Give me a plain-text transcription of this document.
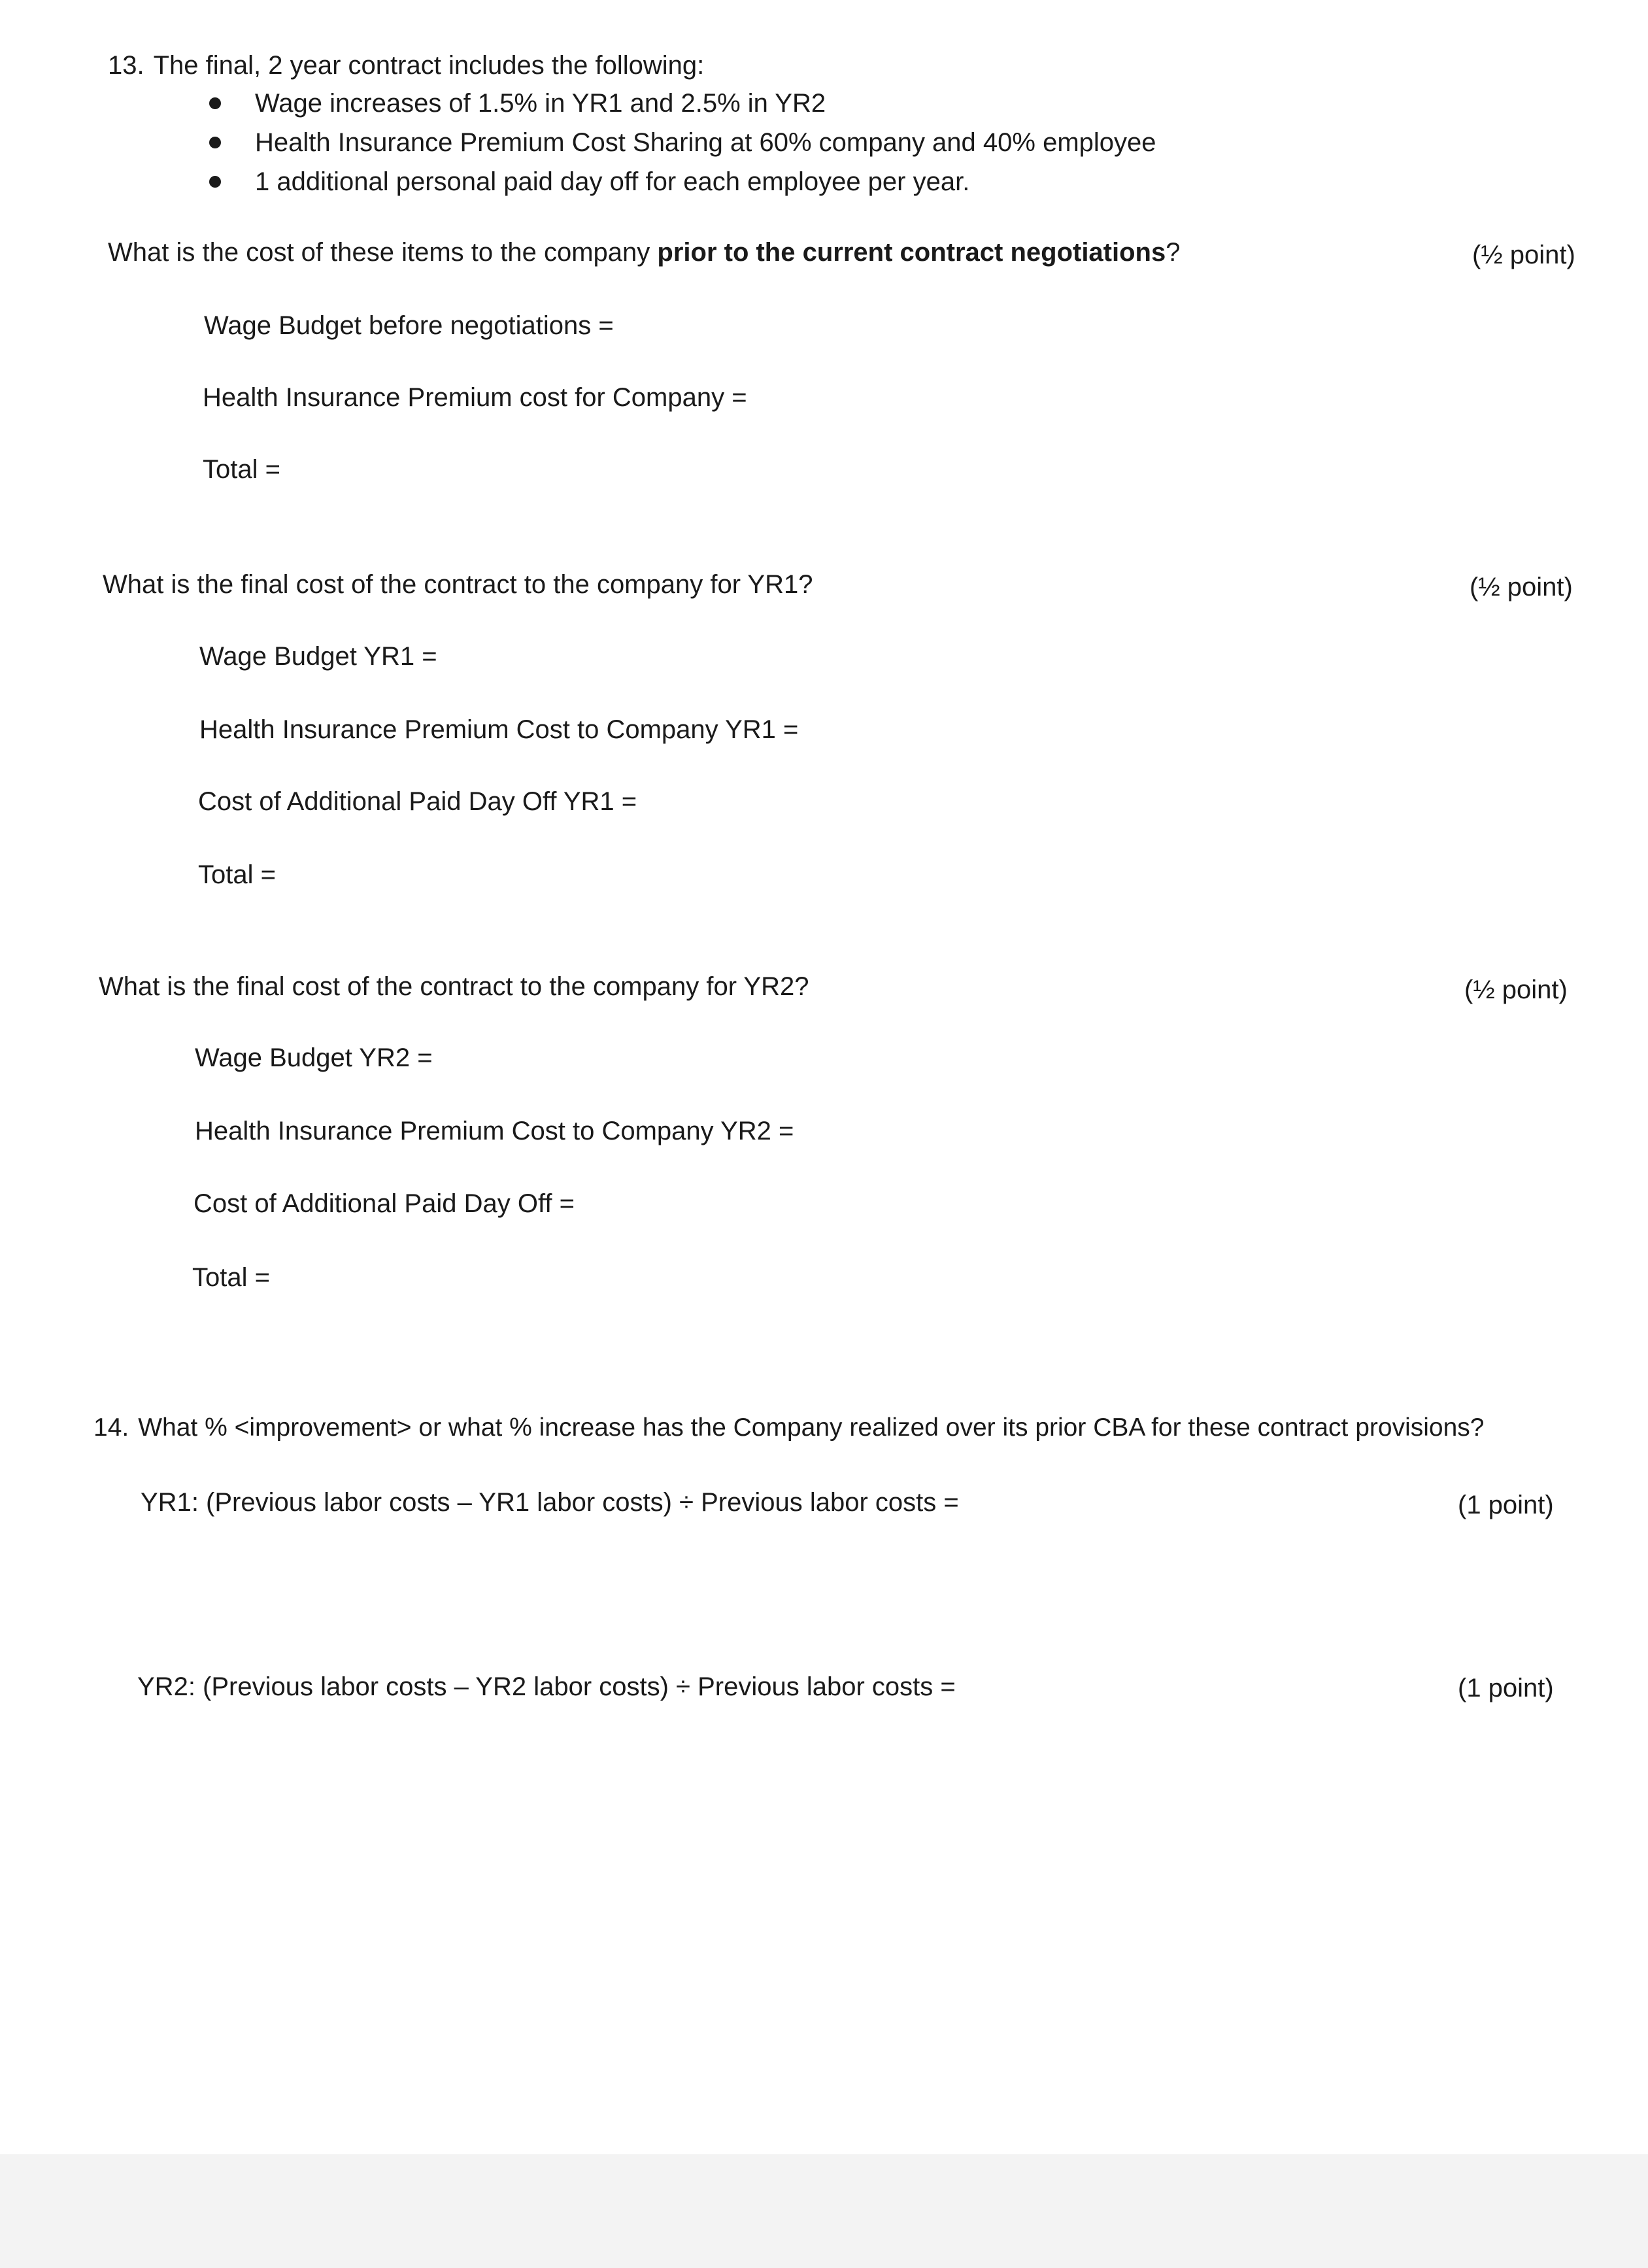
13. The final, 2 year contract includes the following:
Wage increases of 1.5% in YR1 and 2.5% in YR2
Health Insurance Premium Cost Sharing at 60% company and 40% employee
1 additional personal paid day off for each employee per year.
What is the cost of these items to the company prior to the current contract negotiations?	(½ point)
Wage Budget before negotiations =
Health Insurance Premium cost for Company =
Total =
What is the final cost of the contract to the company for YR1?	(½ point)
Wage Budget YR1 =
Health Insurance Premium Cost to Company YR1 =
Cost of Additional Paid Day Off YR1 =
Total =
What is the final cost of the contract to the company for YR2?	(½ point)
Wage Budget YR2 =
Health Insurance Premium Cost to Company YR2 =
Cost of Additional Paid Day Off =
Total =
14. What % <improvement> or what % increase has the Company realized over its prior CBA for these contract provisions?
YR1: (Previous labor costs – YR1 labor costs) ÷ Previous labor costs =	(1 point)
YR2: (Previous labor costs – YR2 labor costs) ÷ Previous labor costs =	(1 point)
